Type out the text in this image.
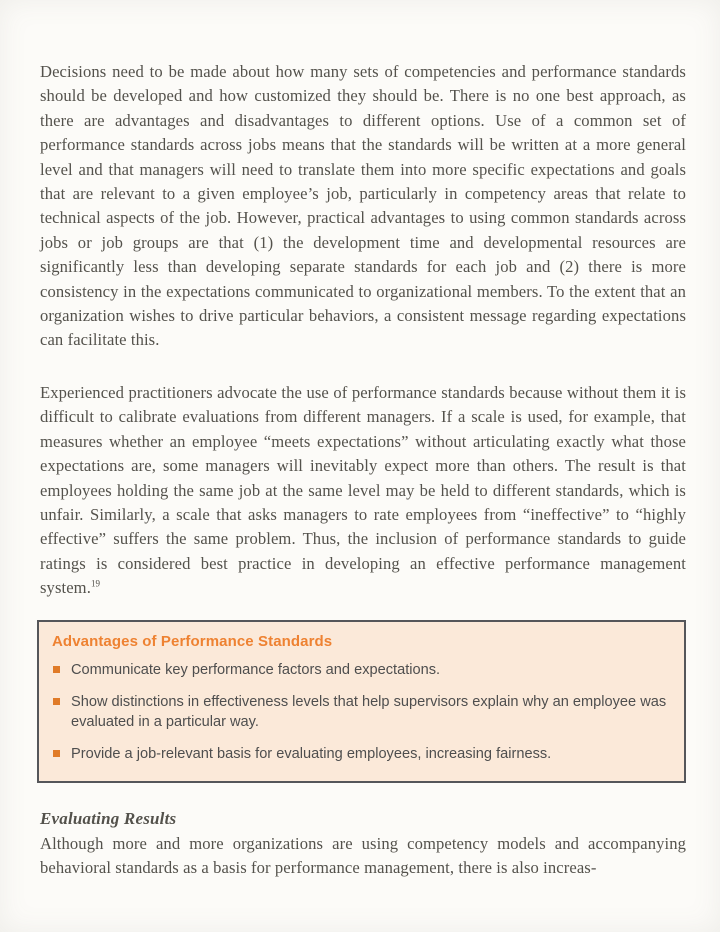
Decisions need to be made about how many sets of competencies and performance standards should be developed and how customized they should be. There is no one best approach, as there are advantages and disadvantages to different options. Use of a common set of performance standards across jobs means that the standards will be written at a more general level and that managers will need to translate them into more specific expectations and goals that are relevant to a given employee’s job, particularly in competency areas that relate to technical aspects of the job. However, practical advantages to using common standards across jobs or job groups are that (1) the development time and developmental resources are significantly less than developing separate standards for each job and (2) there is more consistency in the expectations communicated to organizational members. To the extent that an organization wishes to drive particular behaviors, a consistent message regarding expectations can facilitate this.

Experienced practitioners advocate the use of performance standards because without them it is difficult to calibrate evaluations from different managers. If a scale is used, for example, that measures whether an employee “meets expectations” without articulating exactly what those expectations are, some managers will inevitably expect more than others. The result is that employees holding the same job at the same level may be held to different standards, which is unfair. Similarly, a scale that asks managers to rate employees from “ineffective” to “highly effective” suffers the same problem. Thus, the inclusion of performance standards to guide ratings is considered best practice in developing an effective performance management system.$^{19}$

Advantages of Performance Standards

Communicate key performance factors and expectations.
Show distinctions in effectiveness levels that help supervisors explain why an employee was evaluated in a particular way.
Provide a job-relevant basis for evaluating employees, increasing fairness.

Evaluating Results

Although more and more organizations are using competency models and accompanying behavioral standards as a basis for performance management, there is also increas-
